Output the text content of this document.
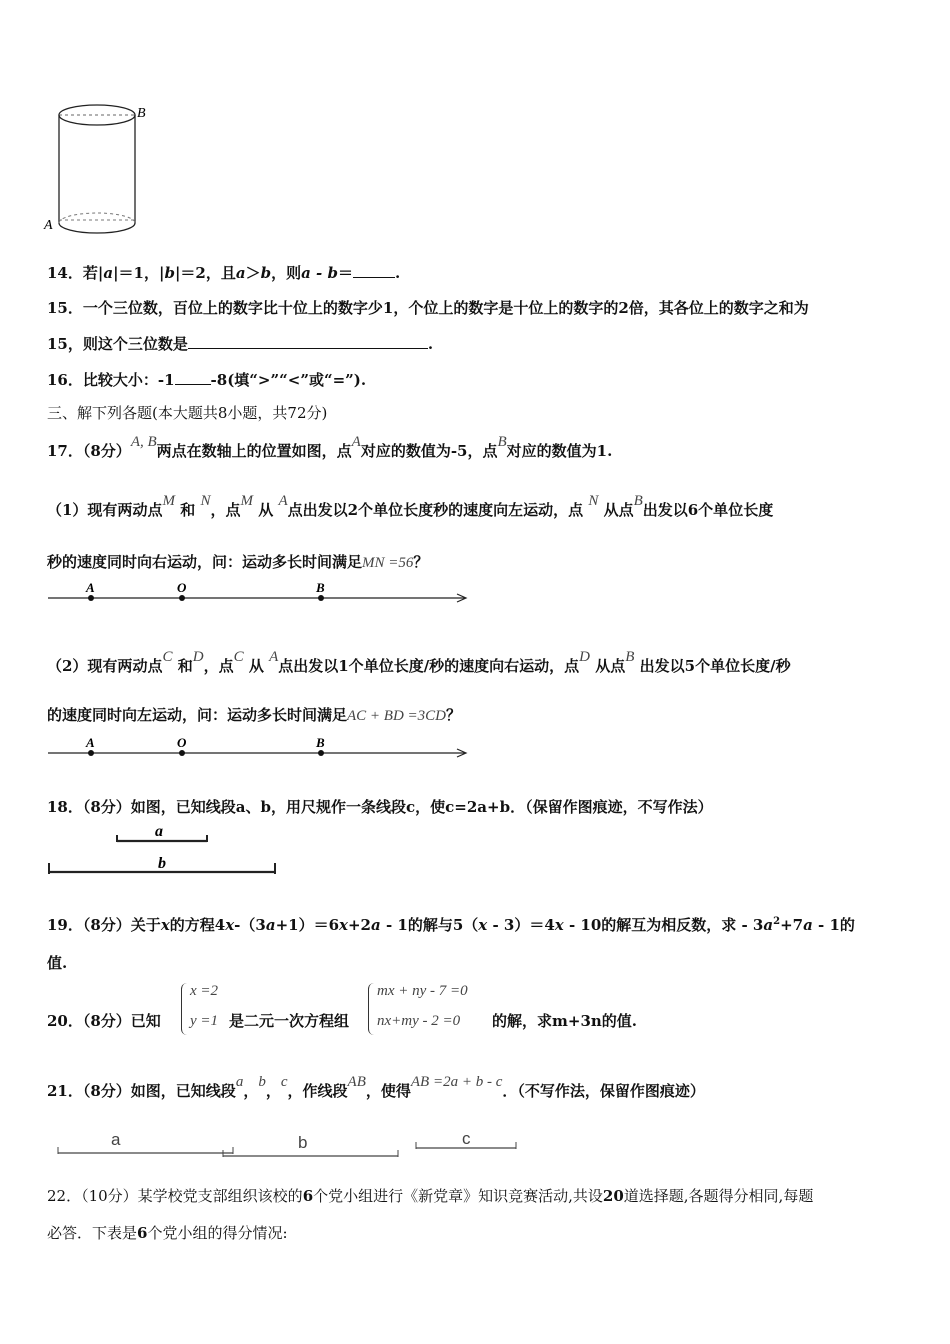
B
A
14．若|a|＝1，|b|＝2，且a＞b，则a - b＝	.
15．一个三位数，百位上的数字比十位上的数字少1，个位上的数字是十位上的数字的2倍，其各位上的数字之和为
15，则这个三位数是	.
16．比较大小：-1 -8(填“>”“<”或“=”).
三、解下列各题(本大题共8小题，共72分)
17．（8分）A, B两点在数轴上的位置如图，点A对应的数值为-5，点B对应的数值为1.
（1）现有两动点M 和 N，点M 从 A点出发以2个单位长度秒的速度向左运动，点 N 从点B出发以6个单位长度
秒的速度同时向右运动，问：运动多长时间满足MN =56？
A	O	B
（2）现有两动点C 和D，点C 从 A点出发以1个单位长度/秒的速度向右运动，点D 从点B 出发以5个单位长度/秒
的速度同时向左运动，问：运动多长时间满足AC + BD =3CD？
A	O	B
18．（8分）如图，已知线段a、b，用尺规作一条线段c，使c=2a+b．（保留作图痕迹，不写作法）
a
b
19．（8分）关于x的方程4x-（3a+1）＝6x+2a - 1的解与5（x - 3）＝4x - 10的解互为相反数，求 - $3a^2+7a - 1$的
值.
20．（8分）已知
x =2
y =1 是二元一次方程组
mx + ny - 7 =0
nx+my - 2 =0 的解，求m+3n的值.
21．（8分）如图，已知线段a，b，c，作线段AB，使得AB =2a + b - c．（不写作法，保留作图痕迹）
a	b	c
22．（10分）某学校党支部组织该校的6个党小组进行《新党章》知识竞赛活动,共设20道选择题,各题得分相同,每题
必答．下表是6个党小组的得分情况:
